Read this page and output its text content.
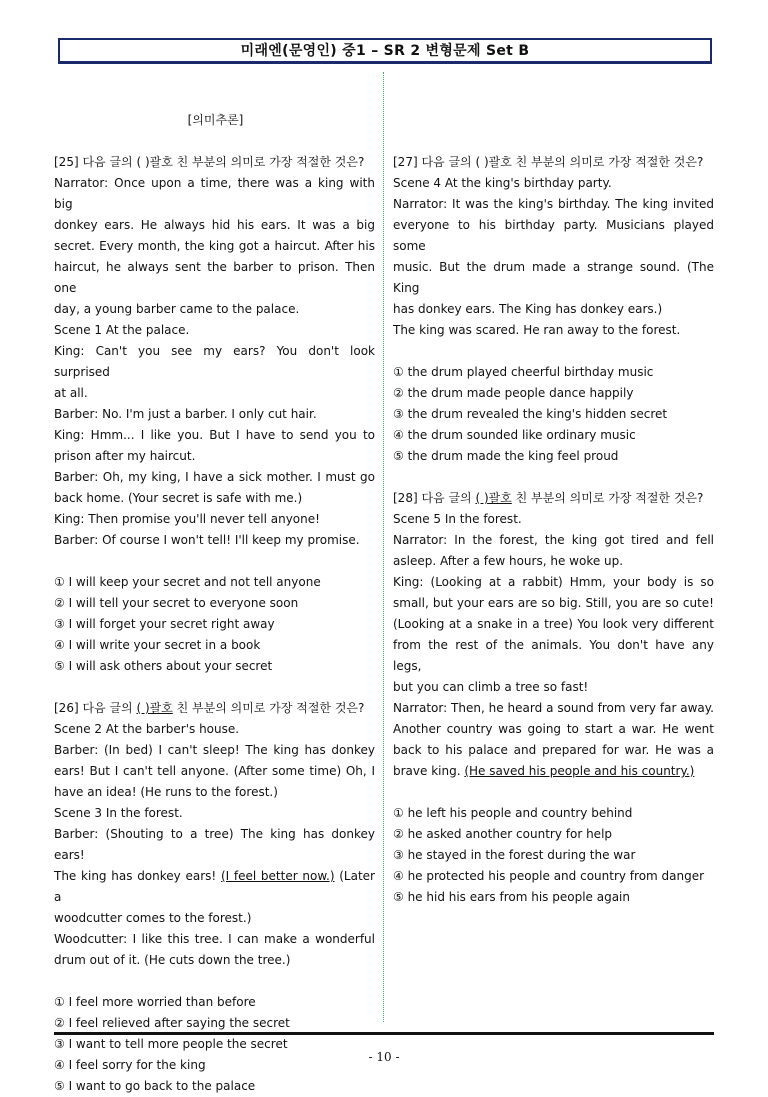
미래엔(문영인) 중1 – SR 2 변형문제 Set B
[의미추론]
[25] 다음 글의 ( )괄호 친 부분의 의미로 가장 적절한 것은?
Narrator: Once upon a time, there was a king with big
donkey ears. He always hid his ears. It was a big
secret. Every month, the king got a haircut. After his
haircut, he always sent the barber to prison. Then one
day, a young barber came to the palace.
Scene 1 At the palace.
King: Can't you see my ears? You don't look surprised
at all.
Barber: No. I'm just a barber. I only cut hair.
King: Hmm... I like you. But I have to send you to
prison after my haircut.
Barber: Oh, my king, I have a sick mother. I must go
back home. (Your secret is safe with me.)
King: Then promise you'll never tell anyone!
Barber: Of course I won't tell! I'll keep my promise.
① I will keep your secret and not tell anyone
② I will tell your secret to everyone soon
③ I will forget your secret right away
④ I will write your secret in a book
⑤ I will ask others about your secret
[26] 다음 글의 ( )괄호 친 부분의 의미로 가장 적절한 것은?
Scene 2 At the barber's house.
Barber: (In bed) I can't sleep! The king has donkey
ears! But I can't tell anyone. (After some time) Oh, I
have an idea! (He runs to the forest.)
Scene 3 In the forest.
Barber: (Shouting to a tree) The king has donkey ears!
The king has donkey ears! (I feel better now.) (Later a
woodcutter comes to the forest.)
Woodcutter: I like this tree. I can make a wonderful
drum out of it. (He cuts down the tree.)
① I feel more worried than before
② I feel relieved after saying the secret
③ I want to tell more people the secret
④ I feel sorry for the king
⑤ I want to go back to the palace
[27] 다음 글의 ( )괄호 친 부분의 의미로 가장 적절한 것은?
Scene 4 At the king's birthday party.
Narrator: It was the king's birthday. The king invited
everyone to his birthday party. Musicians played some
music. But the drum made a strange sound. (The King
has donkey ears. The King has donkey ears.)
The king was scared. He ran away to the forest.
① the drum played cheerful birthday music
② the drum made people dance happily
③ the drum revealed the king's hidden secret
④ the drum sounded like ordinary music
⑤ the drum made the king feel proud
[28] 다음 글의 ( )괄호 친 부분의 의미로 가장 적절한 것은?
Scene 5 In the forest.
Narrator: In the forest, the king got tired and fell
asleep. After a few hours, he woke up.
King: (Looking at a rabbit) Hmm, your body is so
small, but your ears are so big. Still, you are so cute!
(Looking at a snake in a tree) You look very different
from the rest of the animals. You don't have any legs,
but you can climb a tree so fast!
Narrator: Then, he heard a sound from very far away.
Another country was going to start a war. He went
back to his palace and prepared for war. He was a
brave king. (He saved his people and his country.)
① he left his people and country behind
② he asked another country for help
③ he stayed in the forest during the war
④ he protected his people and country from danger
⑤ he hid his ears from his people again
- 10 -
